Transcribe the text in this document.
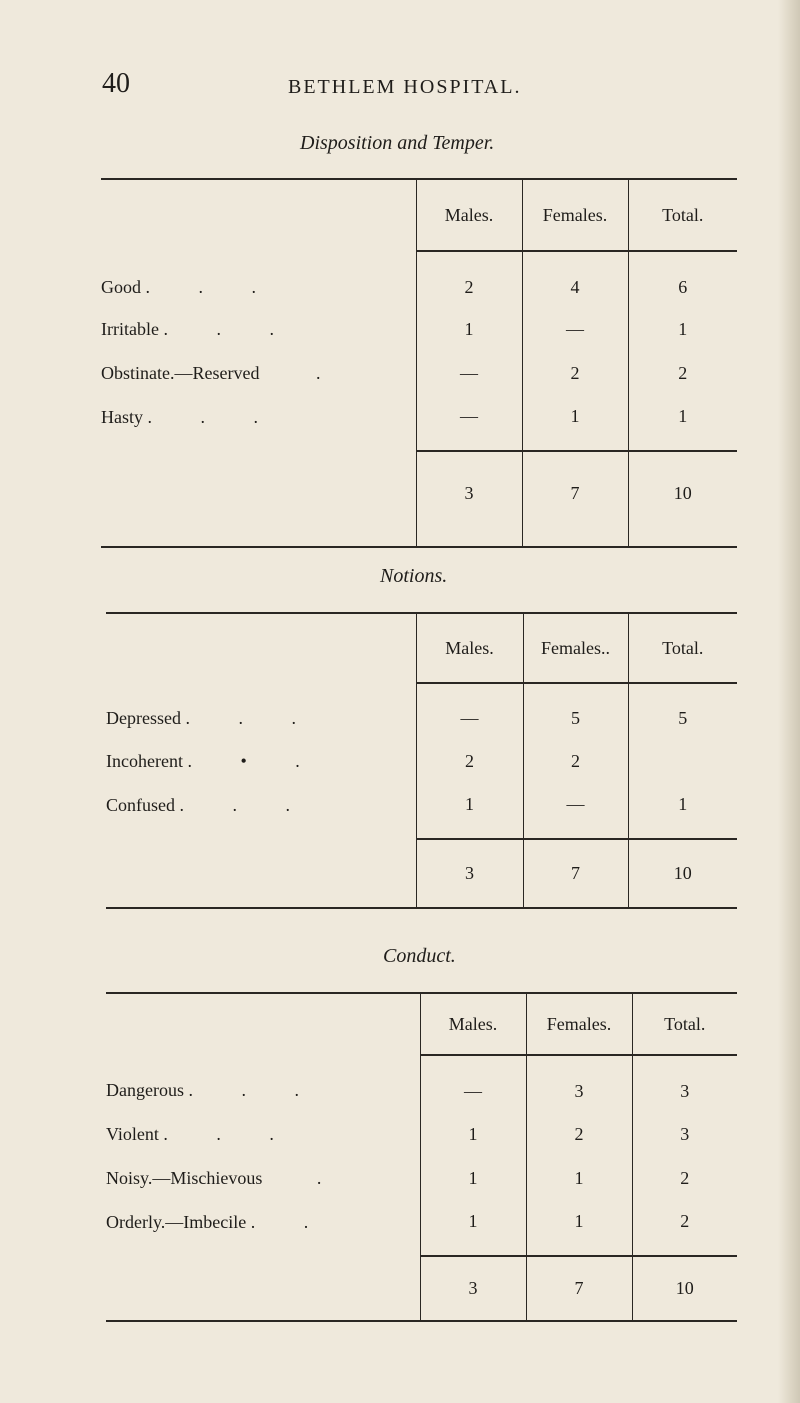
40	BETHLEM HOSPITAL.
Disposition and Temper.
	Males.	Females.	Total.
Good . . .	2	4	6
Irritable . . .	1	—	1
Obstinate.—Reserved .	—	2	2
Hasty . . .	—	1	1
	3	7	10
Notions.
	Males.	Females..	Total.
Depressed . . .	—	5	5
Incoherent . • .	2	2	
Confused . . .	1	—	1
	3	7	10
Conduct.
	Males.	Females.	Total.
Dangerous . . .	—	3	3
Violent . . .	1	2	3
Noisy.—Mischievous .	1	1	2
Orderly.—Imbecile . .	1	1	2
	3	7	10
